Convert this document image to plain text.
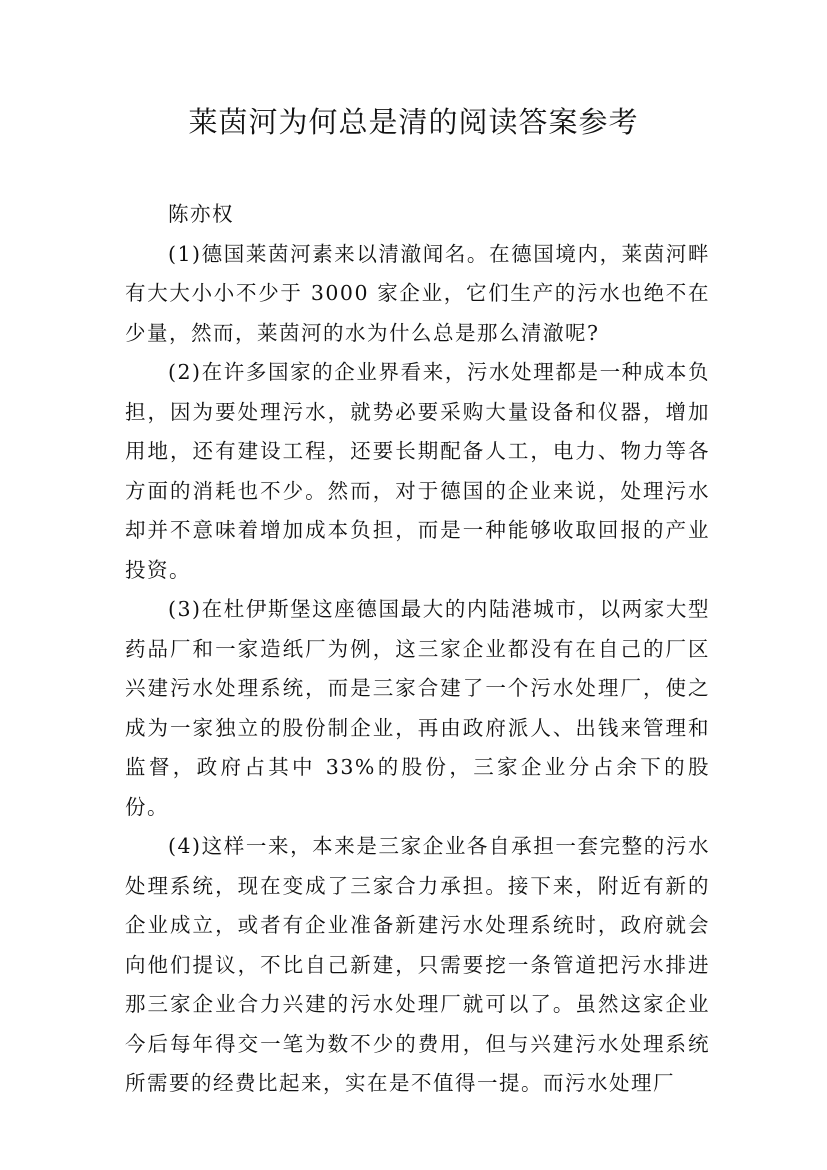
莱茵河为何总是清的阅读答案参考

陈亦权

(1)德国莱茵河素来以清澈闻名。在德国境内，莱茵河畔有大大小小不少于 3000 家企业，它们生产的污水也绝不在少量，然而，莱茵河的水为什么总是那么清澈呢?

(2)在许多国家的企业界看来，污水处理都是一种成本负担，因为要处理污水，就势必要采购大量设备和仪器，增加用地，还有建设工程，还要长期配备人工，电力、物力等各方面的消耗也不少。然而，对于德国的企业来说，处理污水却并不意味着增加成本负担，而是一种能够收取回报的产业投资。

(3)在杜伊斯堡这座德国最大的内陆港城市，以两家大型药品厂和一家造纸厂为例，这三家企业都没有在自己的厂区兴建污水处理系统，而是三家合建了一个污水处理厂，使之成为一家独立的股份制企业，再由政府派人、出钱来管理和监督，政府占其中 33%的股份，三家企业分占余下的股份。

(4)这样一来，本来是三家企业各自承担一套完整的污水处理系统，现在变成了三家合力承担。接下来，附近有新的企业成立，或者有企业准备新建污水处理系统时，政府就会向他们提议，不比自己新建，只需要挖一条管道把污水排进那三家企业合力兴建的污水处理厂就可以了。虽然这家企业今后每年得交一笔为数不少的费用，但与兴建污水处理系统所需要的经费比起来，实在是不值得一提。而污水处理厂
